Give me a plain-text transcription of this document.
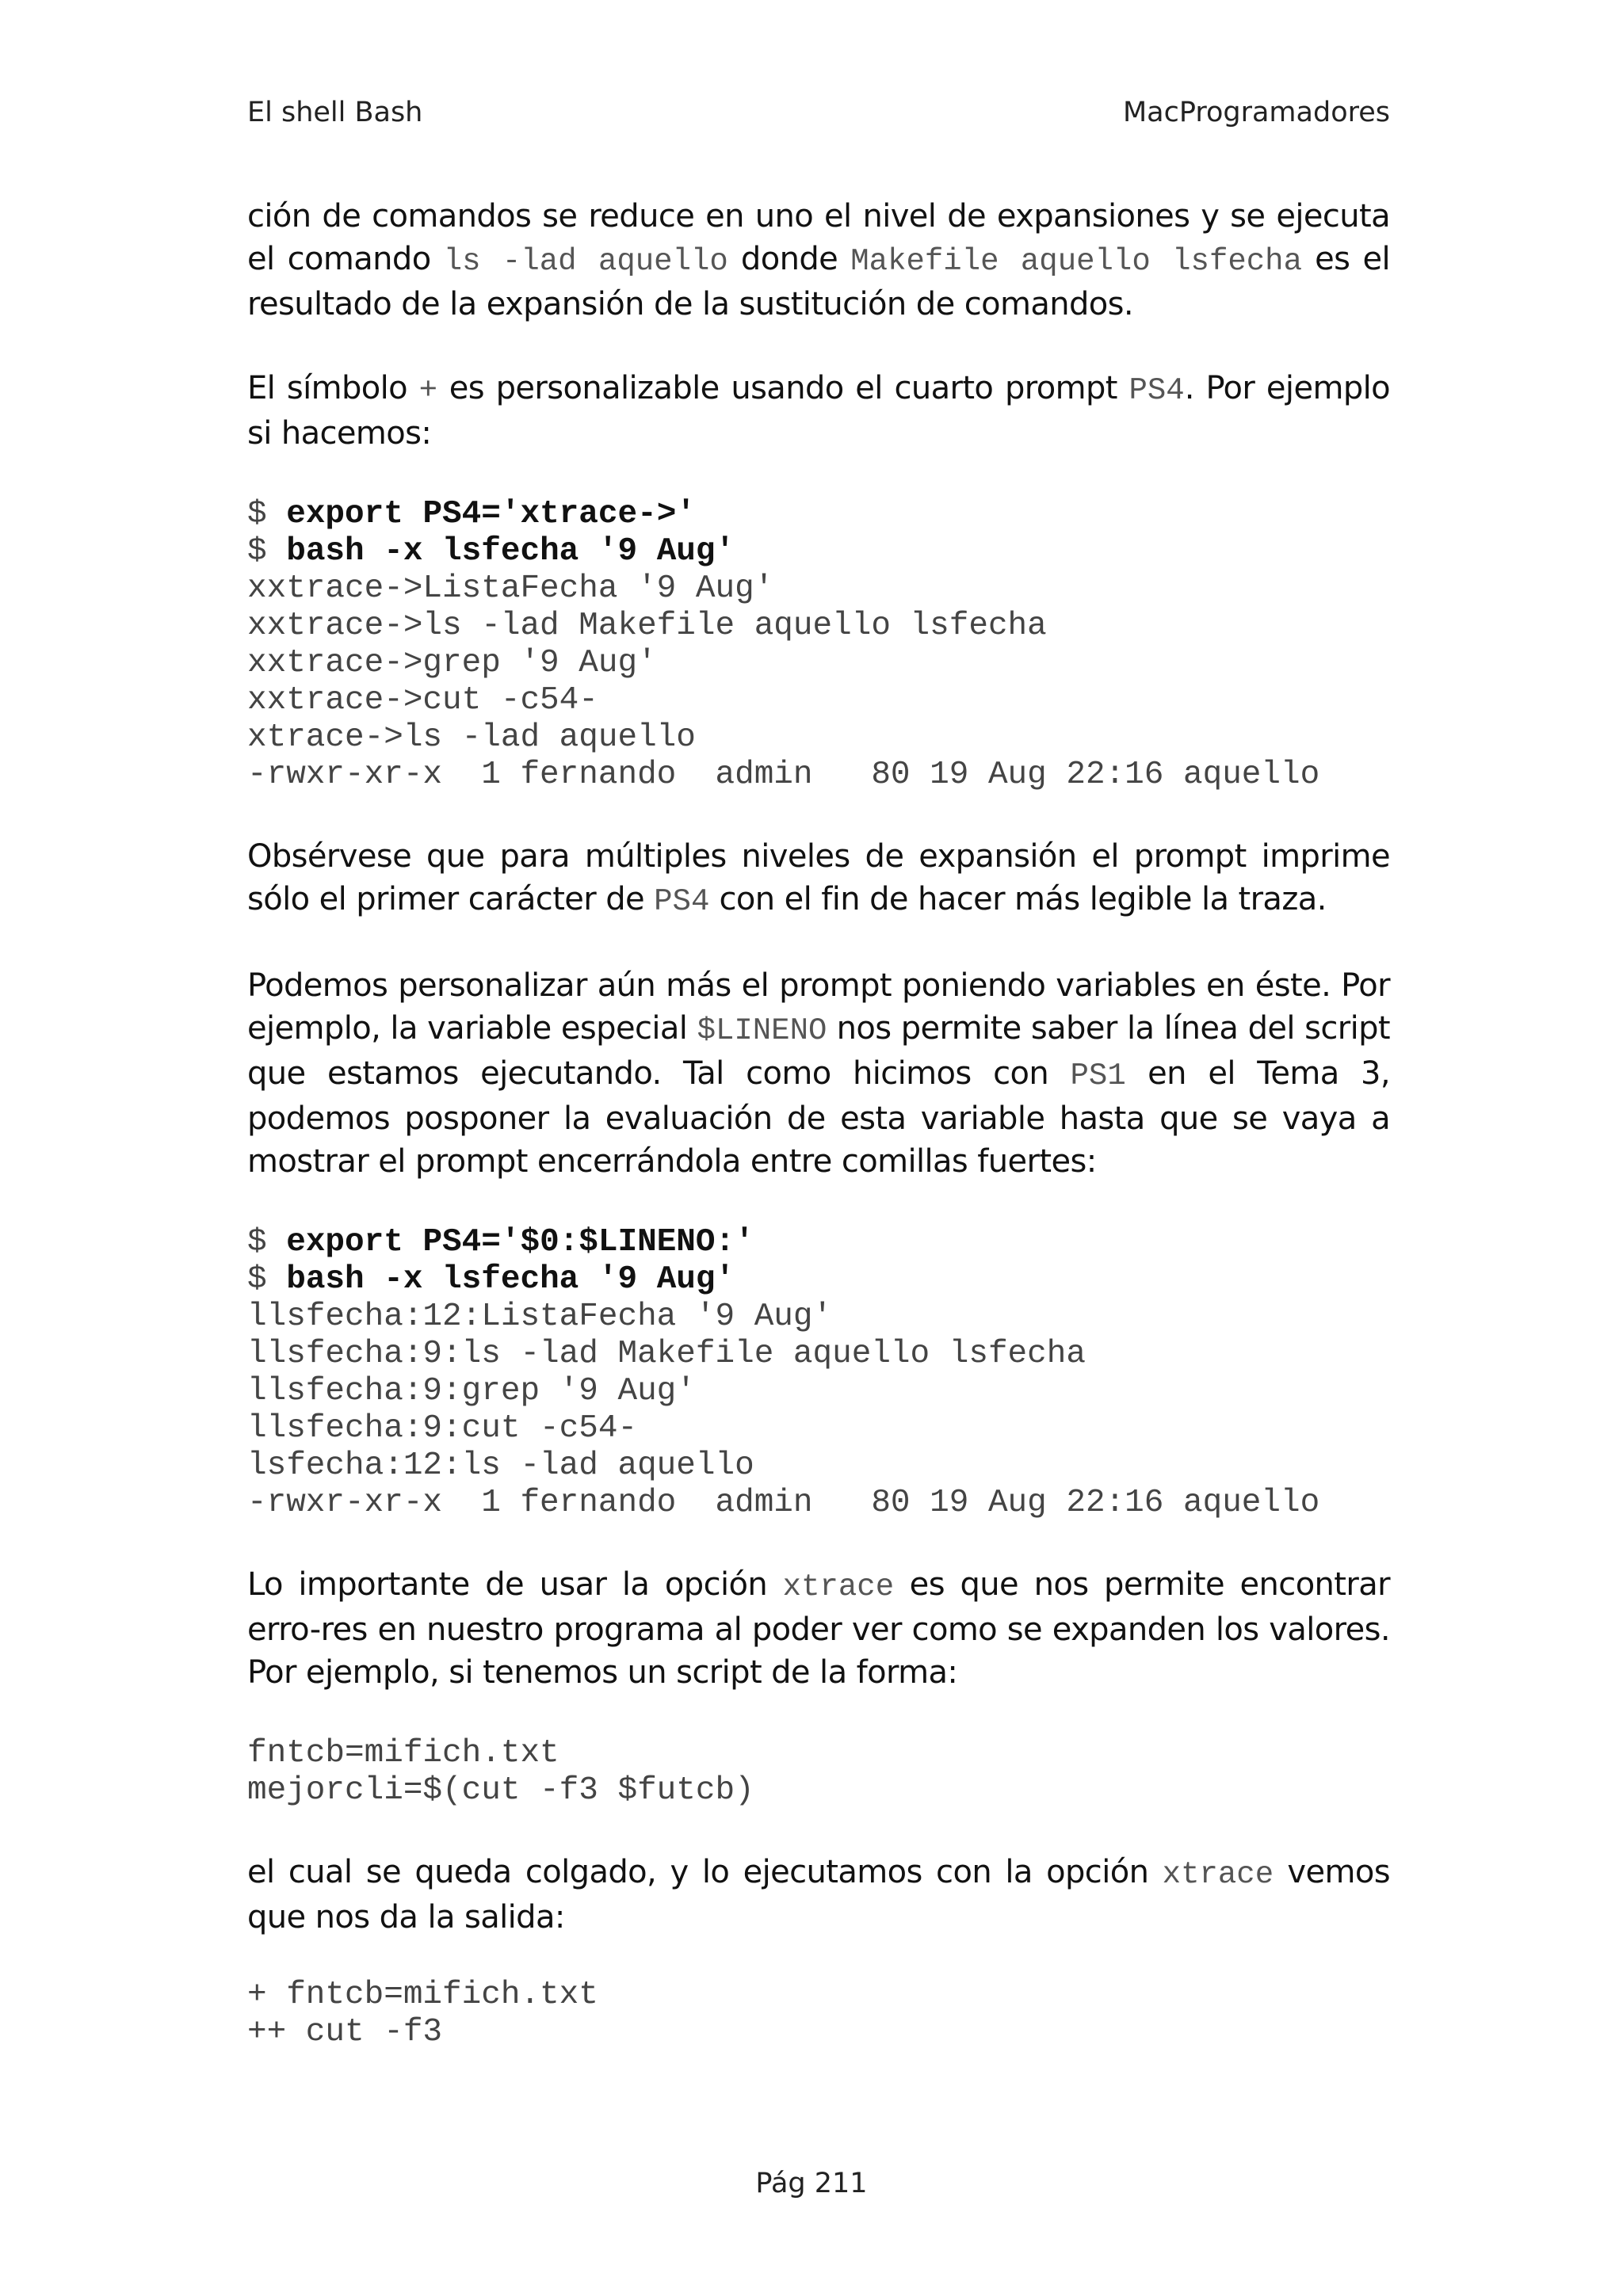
El shell Bash	MacProgramadores

ción de comandos se reduce en uno el nivel de expansiones y se ejecuta el comando ls -lad aquello donde Makefile aquello lsfecha es el resultado de la expansión de la sustitución de comandos.

El símbolo + es personalizable usando el cuarto prompt PS4. Por ejemplo si hacemos:

$ export PS4='xtrace->'
$ bash -x lsfecha '9 Aug'
xxtrace->ListaFecha '9 Aug'
xxtrace->ls -lad Makefile aquello lsfecha
xxtrace->grep '9 Aug'
xxtrace->cut -c54-
xtrace->ls -lad aquello
-rwxr-xr-x  1 fernando  admin   80 19 Aug 22:16 aquello

Obsérvese que para múltiples niveles de expansión el prompt imprime sólo el primer carácter de PS4 con el fin de hacer más legible la traza.

Podemos personalizar aún más el prompt poniendo variables en éste. Por ejemplo, la variable especial $LINENO nos permite saber la línea del script que estamos ejecutando. Tal como hicimos con PS1 en el Tema 3, podemos posponer la evaluación de esta variable hasta que se vaya a mostrar el prompt encerrándola entre comillas fuertes:

$ export PS4='$0:$LINENO:'
$ bash -x lsfecha '9 Aug'
llsfecha:12:ListaFecha '9 Aug'
llsfecha:9:ls -lad Makefile aquello lsfecha
llsfecha:9:grep '9 Aug'
llsfecha:9:cut -c54-
lsfecha:12:ls -lad aquello
-rwxr-xr-x  1 fernando  admin   80 19 Aug 22:16 aquello

Lo importante de usar la opción xtrace es que nos permite encontrar erro-res en nuestro programa al poder ver como se expanden los valores. Por ejemplo, si tenemos un script de la forma:

fntcb=mifich.txt
mejorcli=$(cut -f3 $futcb)

el cual se queda colgado, y lo ejecutamos con la opción xtrace vemos que nos da la salida:

+ fntcb=mifich.txt
++ cut -f3
Pág 211
